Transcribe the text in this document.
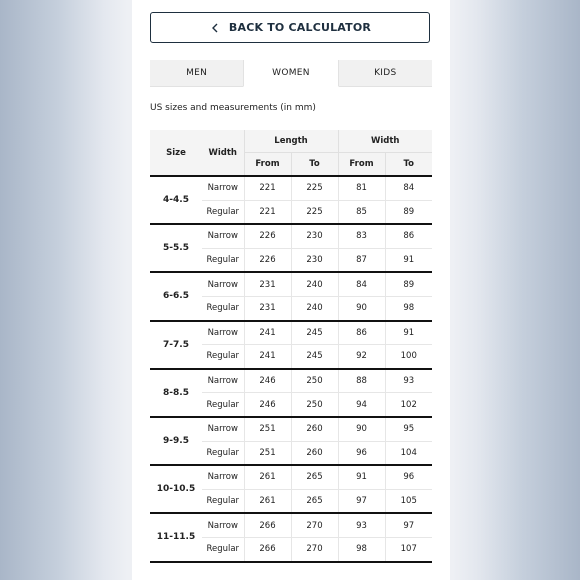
BACK TO CALCULATOR
MEN	WOMEN	KIDS
US sizes and measurements (in mm)
Size	Width	Length		Width	
		From	To	From	To
4-4.5	Narrow	221	225	81	84
	Regular	221	225	85	89
5-5.5	Narrow	226	230	83	86
	Regular	226	230	87	91
6-6.5	Narrow	231	240	84	89
	Regular	231	240	90	98
7-7.5	Narrow	241	245	86	91
	Regular	241	245	92	100
8-8.5	Narrow	246	250	88	93
	Regular	246	250	94	102
9-9.5	Narrow	251	260	90	95
	Regular	251	260	96	104
10-10.5	Narrow	261	265	91	96
	Regular	261	265	97	105
11-11.5	Narrow	266	270	93	97
	Regular	266	270	98	107
